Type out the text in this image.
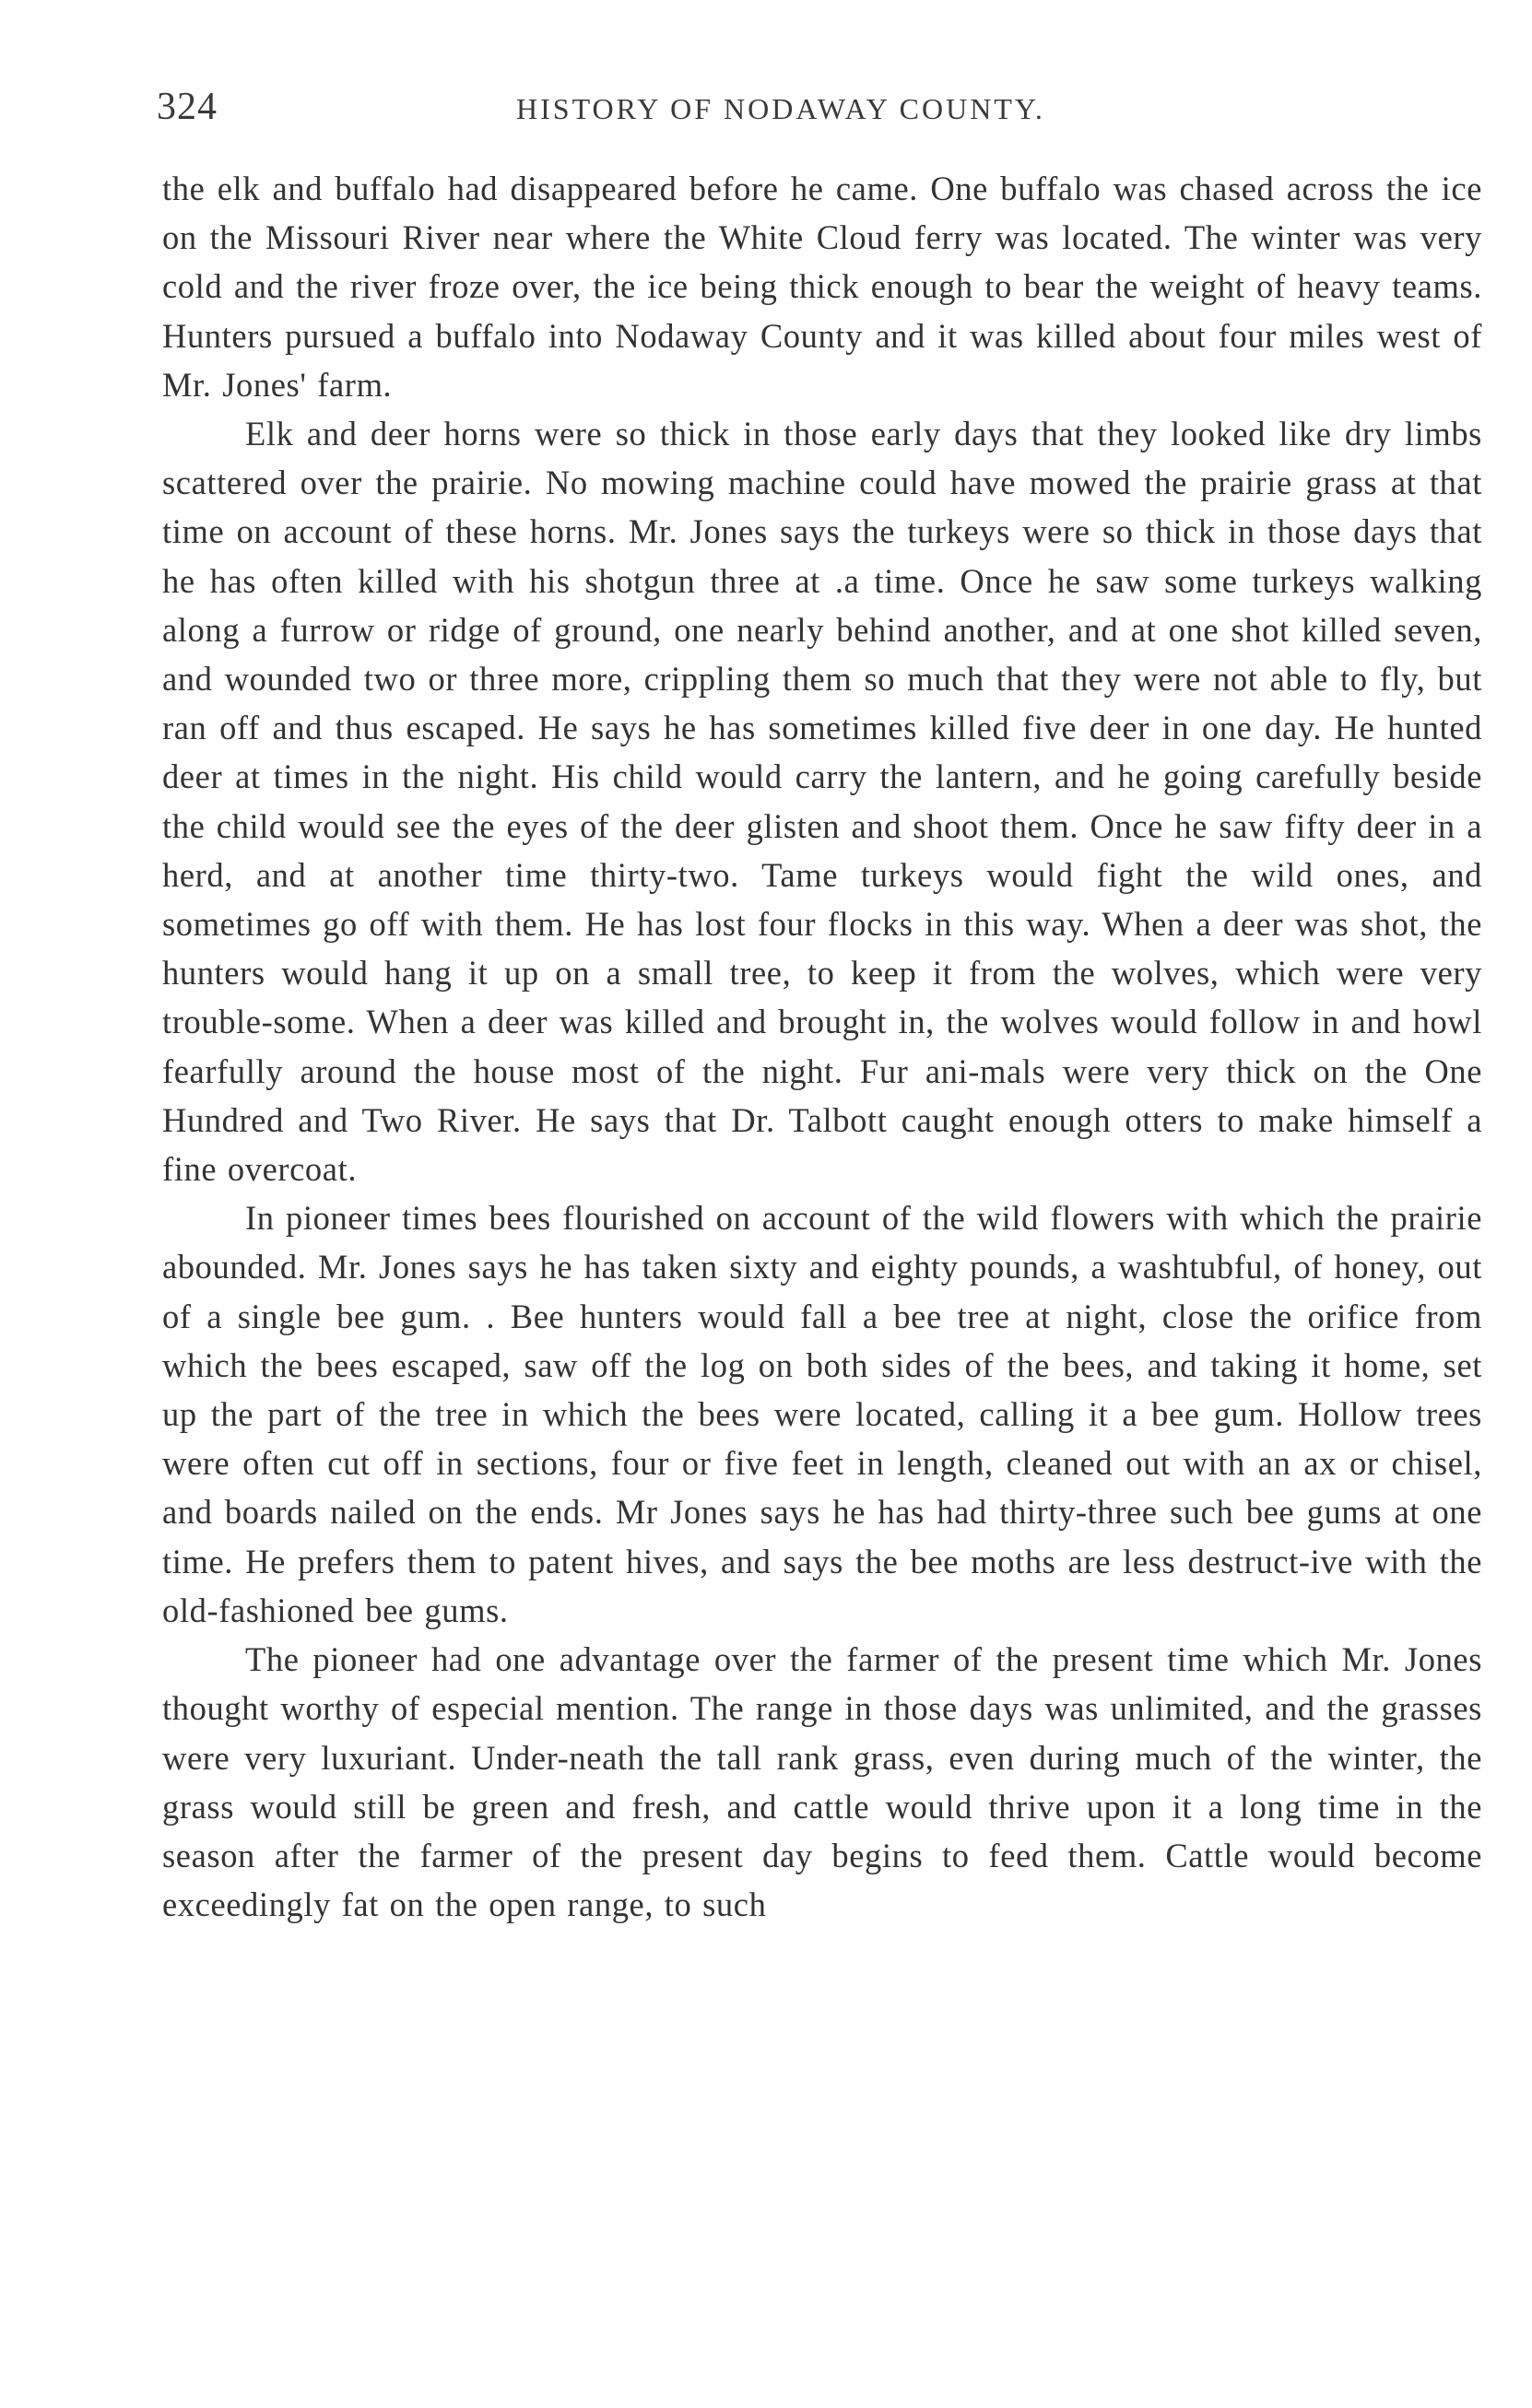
324	HISTORY OF NODAWAY COUNTY.

the elk and buffalo had disappeared before he came. One buffalo was chased across the ice on the Missouri River near where the White Cloud ferry was located. The winter was very cold and the river froze over, the ice being thick enough to bear the weight of heavy teams. Hunters pursued a buffalo into Nodaway County and it was killed about four miles west of Mr. Jones' farm.

Elk and deer horns were so thick in those early days that they looked like dry limbs scattered over the prairie. No mowing machine could have mowed the prairie grass at that time on account of these horns. Mr. Jones says the turkeys were so thick in those days that he has often killed with his shotgun three at .a time. Once he saw some turkeys walking along a furrow or ridge of ground, one nearly behind another, and at one shot killed seven, and wounded two or three more, crippling them so much that they were not able to fly, but ran off and thus escaped. He says he has sometimes killed five deer in one day. He hunted deer at times in the night. His child would carry the lantern, and he going carefully beside the child would see the eyes of the deer glisten and shoot them. Once he saw fifty deer in a herd, and at another time thirty-two. Tame turkeys would fight the wild ones, and sometimes go off with them. He has lost four flocks in this way. When a deer was shot, the hunters would hang it up on a small tree, to keep it from the wolves, which were very trouble-some. When a deer was killed and brought in, the wolves would follow in and howl fearfully around the house most of the night. Fur ani-mals were very thick on the One Hundred and Two River. He says that Dr. Talbott caught enough otters to make himself a fine overcoat.

In pioneer times bees flourished on account of the wild flowers with which the prairie abounded. Mr. Jones says he has taken sixty and eighty pounds, a washtubful, of honey, out of a single bee gum. . Bee hunters would fall a bee tree at night, close the orifice from which the bees escaped, saw off the log on both sides of the bees, and taking it home, set up the part of the tree in which the bees were located, calling it a bee gum. Hollow trees were often cut off in sections, four or five feet in length, cleaned out with an ax or chisel, and boards nailed on the ends. Mr Jones says he has had thirty-three such bee gums at one time. He prefers them to patent hives, and says the bee moths are less destruct-ive with the old-fashioned bee gums.

The pioneer had one advantage over the farmer of the present time which Mr. Jones thought worthy of especial mention. The range in those days was unlimited, and the grasses were very luxuriant. Under-neath the tall rank grass, even during much of the winter, the grass would still be green and fresh, and cattle would thrive upon it a long time in the season after the farmer of the present day begins to feed them. Cattle would become exceedingly fat on the open range, to such
